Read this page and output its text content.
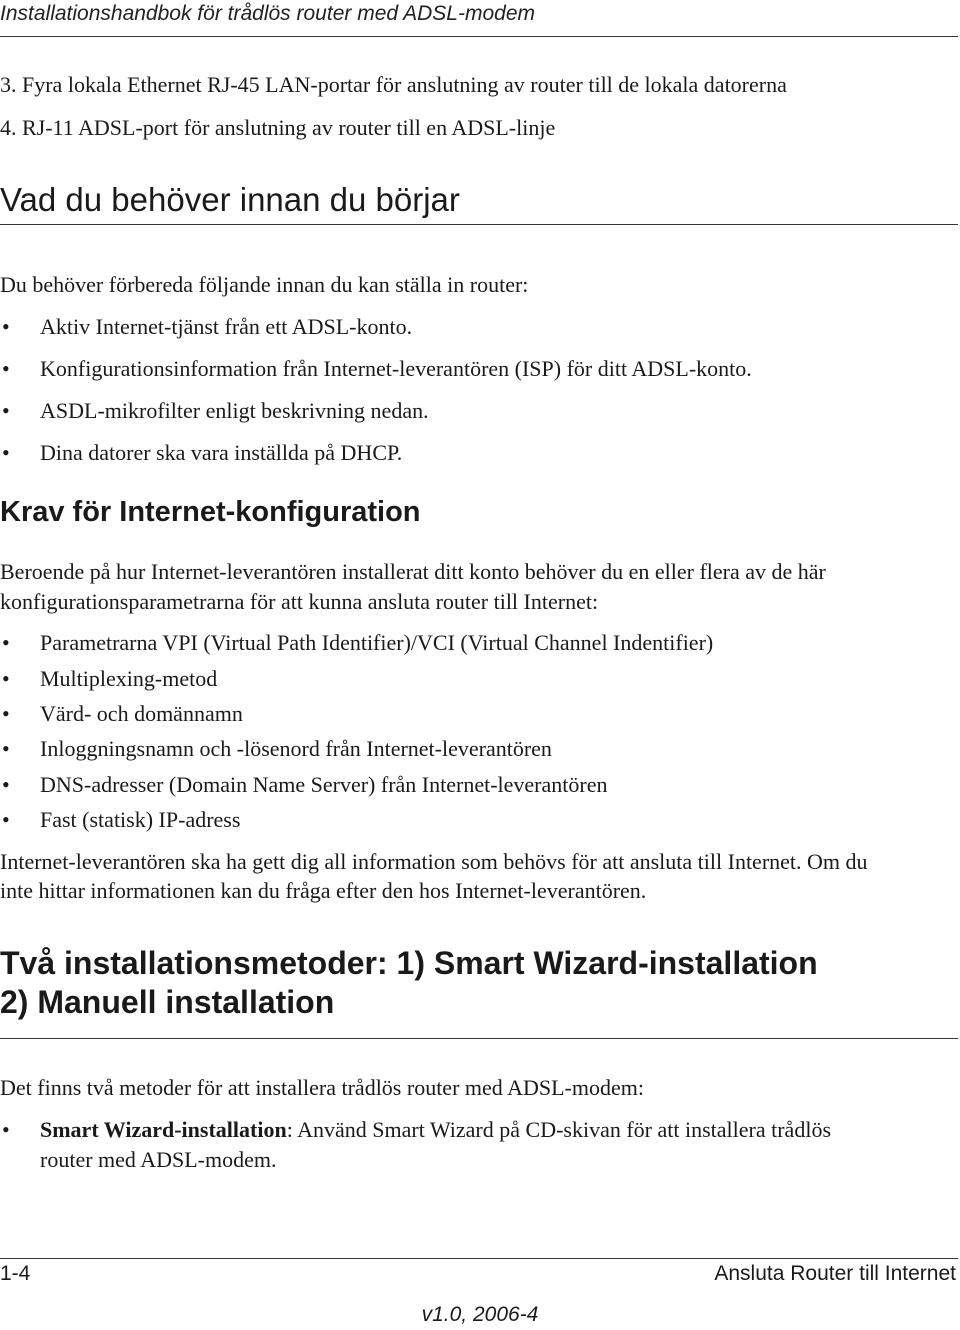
Installationshandbok för trådlös router med ADSL-modem
3. Fyra lokala Ethernet RJ-45 LAN-portar för anslutning av router till de lokala datorerna
4. RJ-11 ADSL-port för anslutning av router till en ADSL-linje
Vad du behöver innan du börjar
Du behöver förbereda följande innan du kan ställa in router:
• Aktiv Internet-tjänst från ett ADSL-konto.
• Konfigurationsinformation från Internet-leverantören (ISP) för ditt ADSL-konto.
• ASDL-mikrofilter enligt beskrivning nedan.
• Dina datorer ska vara inställda på DHCP.
Krav för Internet-konfiguration
Beroende på hur Internet-leverantören installerat ditt konto behöver du en eller flera av de här
konfigurationsparametrarna för att kunna ansluta router till Internet:
• Parametrarna VPI (Virtual Path Identifier)/VCI (Virtual Channel Indentifier)
• Multiplexing-metod
• Värd- och domännamn
• Inloggningsnamn och -lösenord från Internet-leverantören
• DNS-adresser (Domain Name Server) från Internet-leverantören
• Fast (statisk) IP-adress
Internet-leverantören ska ha gett dig all information som behövs för att ansluta till Internet. Om du
inte hittar informationen kan du fråga efter den hos Internet-leverantören.
Två installationsmetoder: 1) Smart Wizard-installation
2) Manuell installation
Det finns två metoder för att installera trådlös router med ADSL-modem:
• Smart Wizard-installation: Använd Smart Wizard på CD-skivan för att installera trådlös
router med ADSL-modem.
1-4	Ansluta Router till Internet
v1.0, 2006-4
